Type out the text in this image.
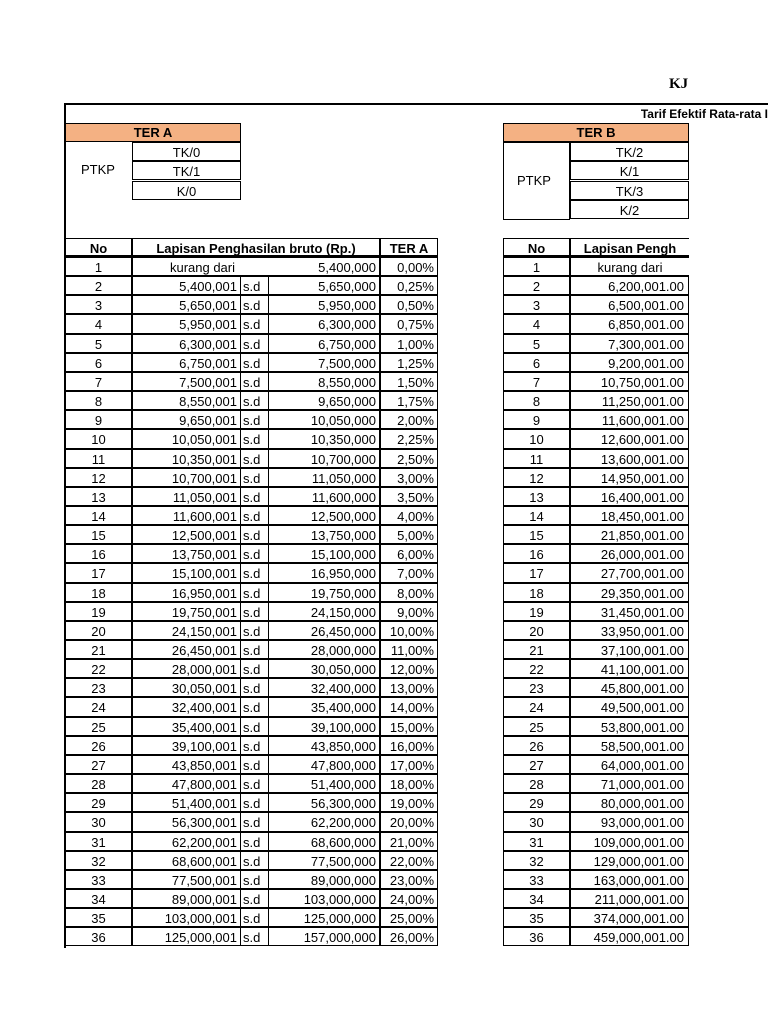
KJ
Tarif Efektif Rata-rata I
TER A
PTKP
TK/0
TK/1
K/0
TER B
PTKP
TK/2
K/1
TK/3
K/2
No	Lapisan Penghasilan bruto (Rp.)	TER A
1	kurang dari	5,400,000	0,00%
2	5,400,001 s.d	5,650,000	0,25%
3	5,650,001 s.d	5,950,000	0,50%
4	5,950,001 s.d	6,300,000	0,75%
5	6,300,001 s.d	6,750,000	1,00%
6	6,750,001 s.d	7,500,000	1,25%
7	7,500,001 s.d	8,550,000	1,50%
8	8,550,001 s.d	9,650,000	1,75%
9	9,650,001 s.d	10,050,000	2,00%
10	10,050,001 s.d	10,350,000	2,25%
11	10,350,001 s.d	10,700,000	2,50%
12	10,700,001 s.d	11,050,000	3,00%
13	11,050,001 s.d	11,600,000	3,50%
14	11,600,001 s.d	12,500,000	4,00%
15	12,500,001 s.d	13,750,000	5,00%
16	13,750,001 s.d	15,100,000	6,00%
17	15,100,001 s.d	16,950,000	7,00%
18	16,950,001 s.d	19,750,000	8,00%
19	19,750,001 s.d	24,150,000	9,00%
20	24,150,001 s.d	26,450,000	10,00%
21	26,450,001 s.d	28,000,000	11,00%
22	28,000,001 s.d	30,050,000	12,00%
23	30,050,001 s.d	32,400,000	13,00%
24	32,400,001 s.d	35,400,000	14,00%
25	35,400,001 s.d	39,100,000	15,00%
26	39,100,001 s.d	43,850,000	16,00%
27	43,850,001 s.d	47,800,000	17,00%
28	47,800,001 s.d	51,400,000	18,00%
29	51,400,001 s.d	56,300,000	19,00%
30	56,300,001 s.d	62,200,000	20,00%
31	62,200,001 s.d	68,600,000	21,00%
32	68,600,001 s.d	77,500,000	22,00%
33	77,500,001 s.d	89,000,000	23,00%
34	89,000,001 s.d	103,000,000	24,00%
35	103,000,001 s.d	125,000,000	25,00%
36	125,000,001 s.d	157,000,000	26,00%
No	Lapisan Pengh
1	kurang dari
2	6,200,001.00
3	6,500,001.00
4	6,850,001.00
5	7,300,001.00
6	9,200,001.00
7	10,750,001.00
8	11,250,001.00
9	11,600,001.00
10	12,600,001.00
11	13,600,001.00
12	14,950,001.00
13	16,400,001.00
14	18,450,001.00
15	21,850,001.00
16	26,000,001.00
17	27,700,001.00
18	29,350,001.00
19	31,450,001.00
20	33,950,001.00
21	37,100,001.00
22	41,100,001.00
23	45,800,001.00
24	49,500,001.00
25	53,800,001.00
26	58,500,001.00
27	64,000,001.00
28	71,000,001.00
29	80,000,001.00
30	93,000,001.00
31	109,000,001.00
32	129,000,001.00
33	163,000,001.00
34	211,000,001.00
35	374,000,001.00
36	459,000,001.00
